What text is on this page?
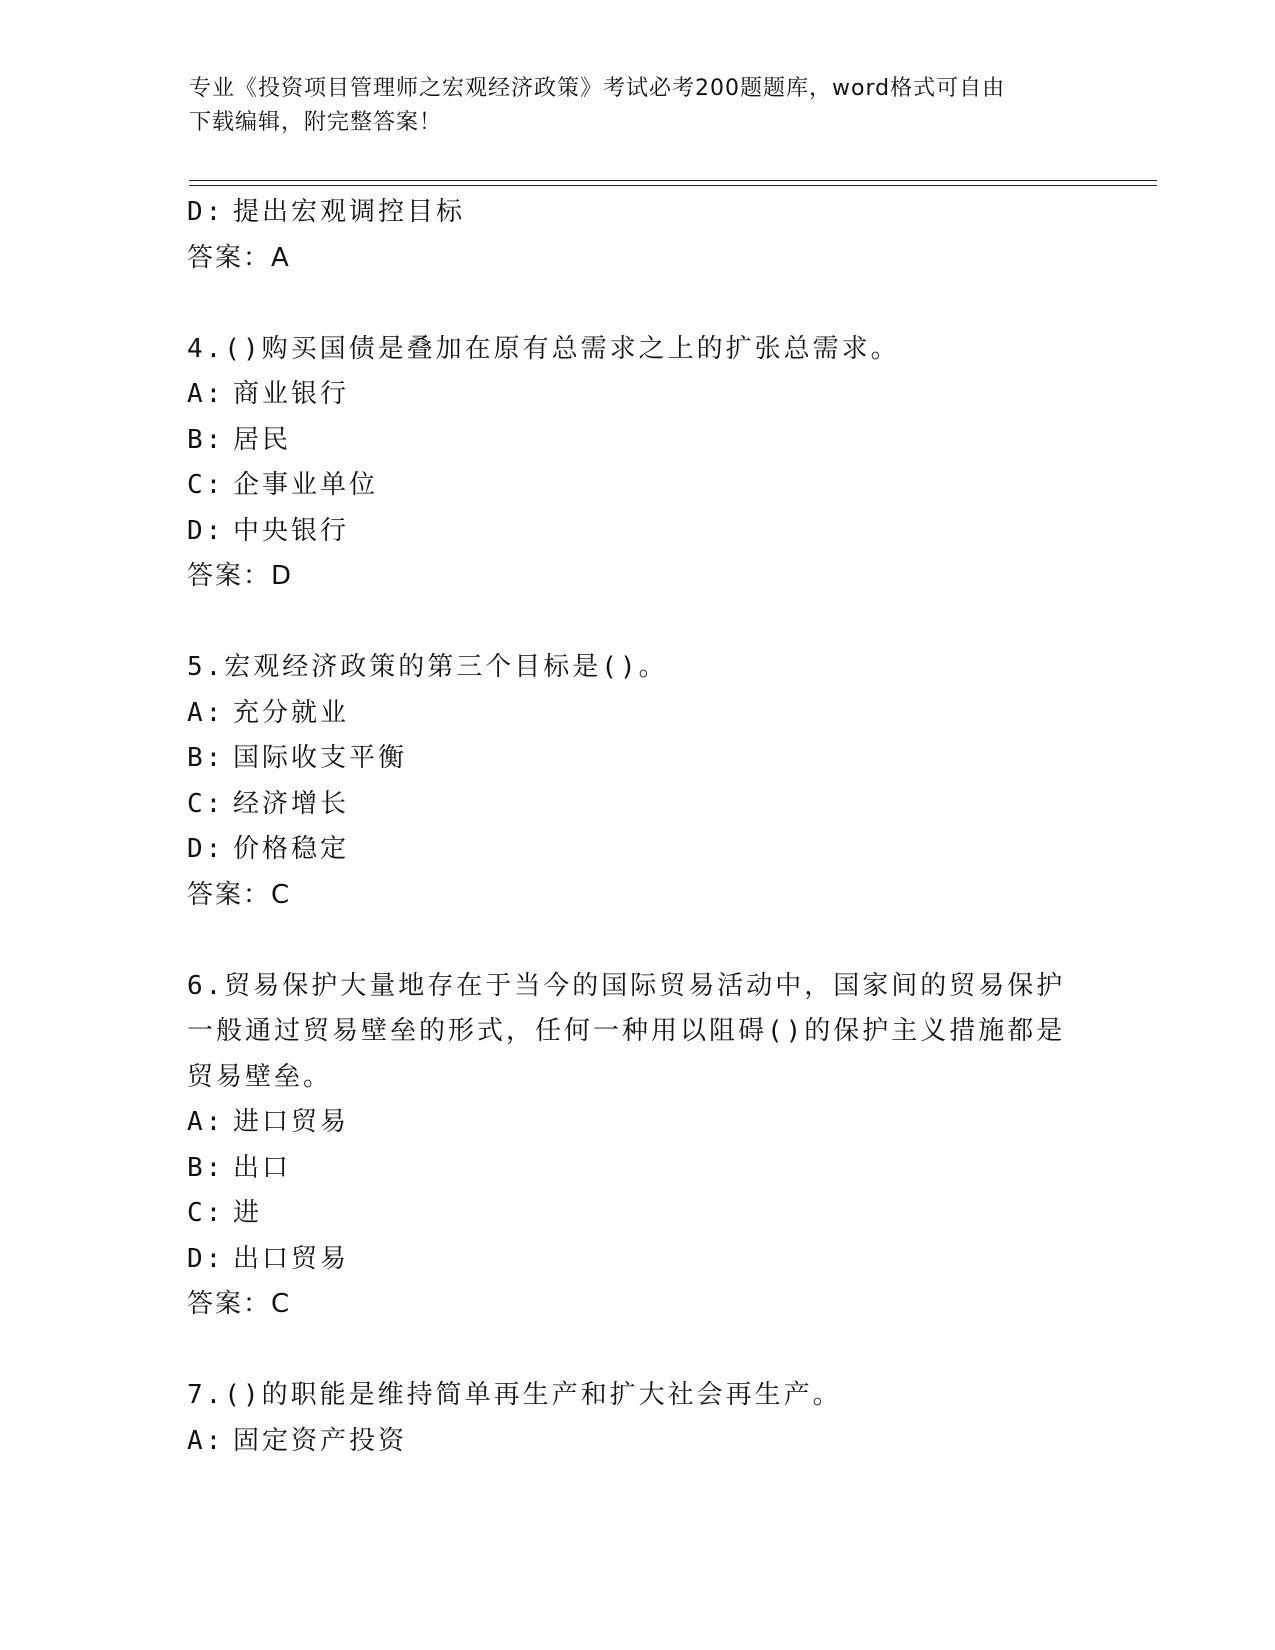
专业《投资项目管理师之宏观经济政策》考试必考200题题库，word格式可自由
下载编辑，附完整答案！
D: 提出宏观调控目标
答案：A
4.()购买国债是叠加在原有总需求之上的扩张总需求。
A: 商业银行
B: 居民
C: 企事业单位
D: 中央银行
答案：D
5.宏观经济政策的第三个目标是()。
A: 充分就业
B: 国际收支平衡
C: 经济增长
D: 价格稳定
答案：C
6.贸易保护大量地存在于当今的国际贸易活动中，国家间的贸易保护
一般通过贸易壁垒的形式，任何一种用以阻碍()的保护主义措施都是
贸易壁垒。
A: 进口贸易
B: 出口
C: 进
D: 出口贸易
答案：C
7.()的职能是维持简单再生产和扩大社会再生产。
A: 固定资产投资
